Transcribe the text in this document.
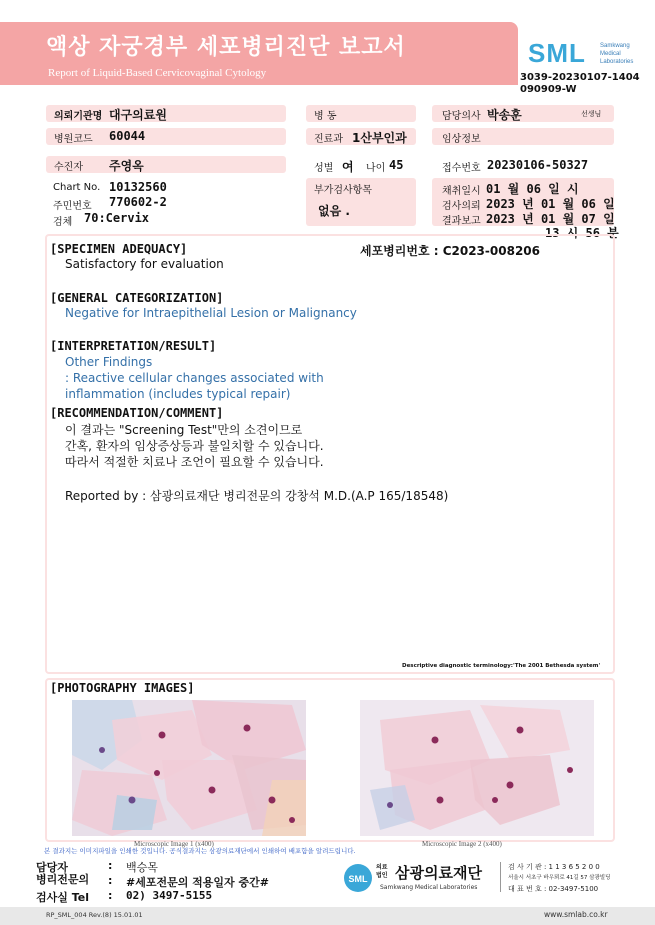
액상 자궁경부 세포병리진단 보고서
Report of Liquid-Based Cervicovaginal Cytology
SML Samkwang
Medical
Laboratories
3039-20230107-1404
090909-W
의뢰기관명 대구의료원	병 동	담당의사 박송훈	선생님
병원코드 60044	진료과 1산부인과	임상정보
수진자 주영옥	성별 여 나이 45	접수번호 20230106-50327
Chart No. 10132560
주민번호 770602-2
검체 70:Cervix
부가검사항목
없음 .
채취일시 01 월 06 일 시
검사의뢰 2023 년 01 월 06 일
결과보고 2023 년 01 월 07 일
13 시 56 분
[SPECIMEN ADEQUACY]	세포병리번호 : C2023-008206
Satisfactory for evaluation
[GENERAL CATEGORIZATION]
Negative for Intraepithelial Lesion or Malignancy
[INTERPRETATION/RESULT]
Other Findings
: Reactive cellular changes associated with
inflammation (includes typical repair)
[RECOMMENDATION/COMMENT]
이 결과는 "Screening Test"만의 소견이므로
간혹, 환자의 임상증상등과 불일치할 수 있습니다.
따라서 적절한 치료나 조언이 필요할 수 있습니다.
Reported by : 삼광의료재단 병리전문의 강창석 M.D.(A.P 165/18548)
Descriptive diagnostic terminology:'The 2001 Bethesda system'
[PHOTOGRAPHY IMAGES]
Microscopic Image 1 (x400)	Microscopic Image 2 (x400)
본 결과지는 이미지파일을 인쇄한 것입니다. 공식결과지는 삼광의료재단에서 인쇄하여 배포함을 알려드립니다.
담당자	: 백승목
병리전문의 : #세포전문의 적용일자 중간#
검사실 Tel : 02) 3497-5155
SML
의료
법인 삼광의료재단
Samkwang Medical Laboratories
검 사 기 관 : 1 1 3 6 5 2 0 0
서울시 서초구 바우뫼로 41길 57 삼광빌딩
대 표 번 호 : 02-3497-5100
RP_SML_004 Rev.(8) 15.01.01	www.smlab.co.kr
